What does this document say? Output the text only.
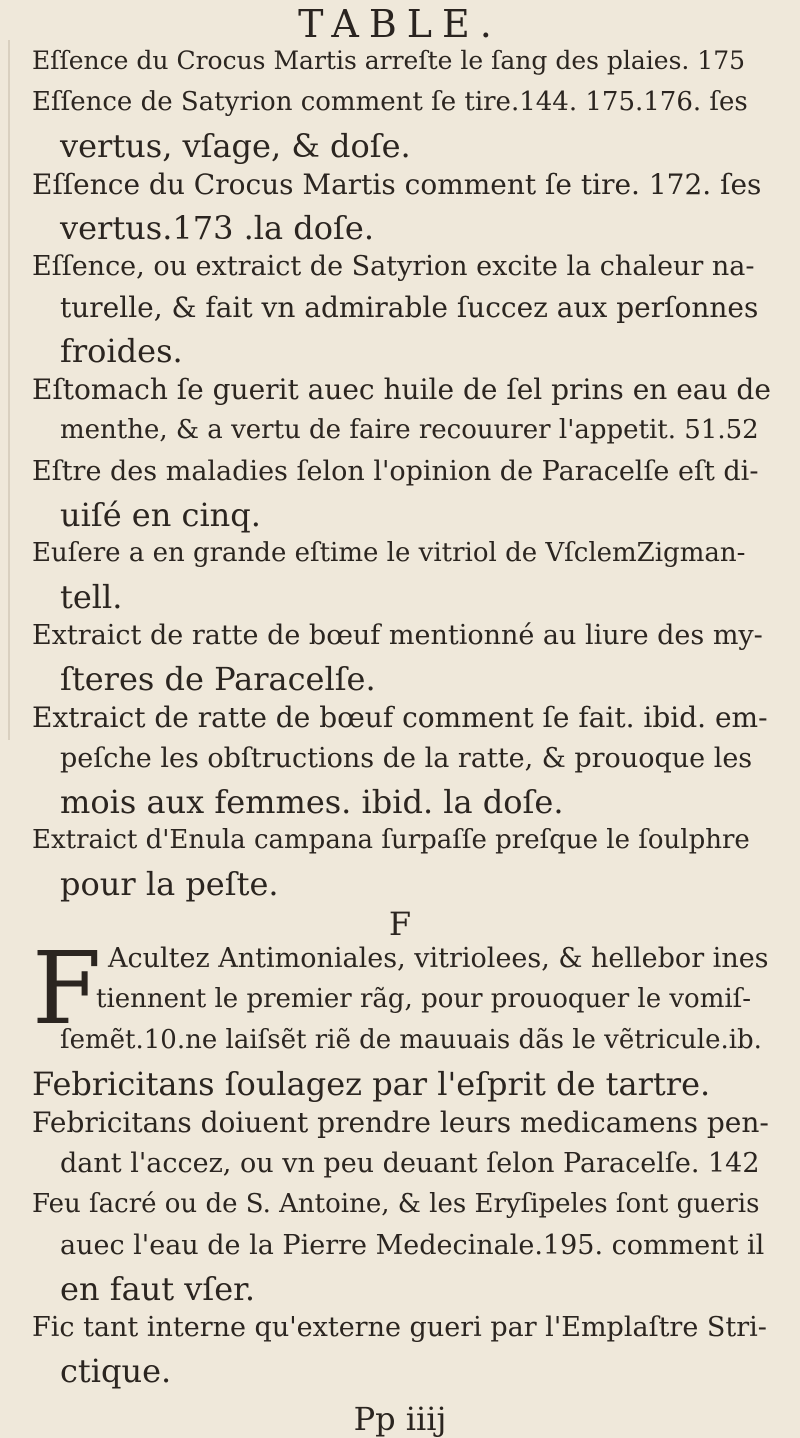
TABLE.
Eſſence du Crocus Martis arreſte le ſang des plaies. 175
Eſſence de Satyrion comment ſe tire.144. 175.176. ſes
vertus, vſage, & doſe.
Eſſence du Crocus Martis comment ſe tire. 172. ſes
vertus.173 .la doſe.
Eſſence, ou extraict de Satyrion excite la chaleur na-
turelle, & fait vn admirable ſuccez aux perſonnes
froides.
Eſtomach ſe guerit auec huile de ſel prins en eau de
menthe, & a vertu de faire recouurer l'appetit. 51.52
Eſtre des maladies ſelon l'opinion de Paracelſe eſt di-
uiſé en cinq.
Euſere a en grande eſtime le vitriol de VſclemZigman-
tell.
Extraict de ratte de bœuf mentionné au liure des my-
ſteres de Paracelſe.
Extraict de ratte de bœuf comment ſe fait. ibid. em-
peſche les obſtructions de la ratte, & prouoque les
mois aux femmes. ibid. la doſe.
Extraict d'Enula campana ſurpaſſe preſque le ſoulphre
pour la peſte.
F
F Acultez Antimoniales, vitriolees, & hellebor ines
tiennent le premier rãg, pour prouoquer le vomiſ-
ſemẽt.10.ne laiſsẽt riẽ de mauuais dãs le vẽtricule.ib.
Febricitans ſoulagez par l'eſprit de tartre.
Febricitans doiuent prendre leurs medicamens pen-
dant l'accez, ou vn peu deuant ſelon Paracelſe. 142
Feu ſacré ou de S. Antoine, & les Eryſipeles ſont gueris
auec l'eau de la Pierre Medecinale.195. comment il
en faut vſer.
Fic tant interne qu'externe gueri par l'Emplaſtre Stri-
ctique.
Pp iiij
